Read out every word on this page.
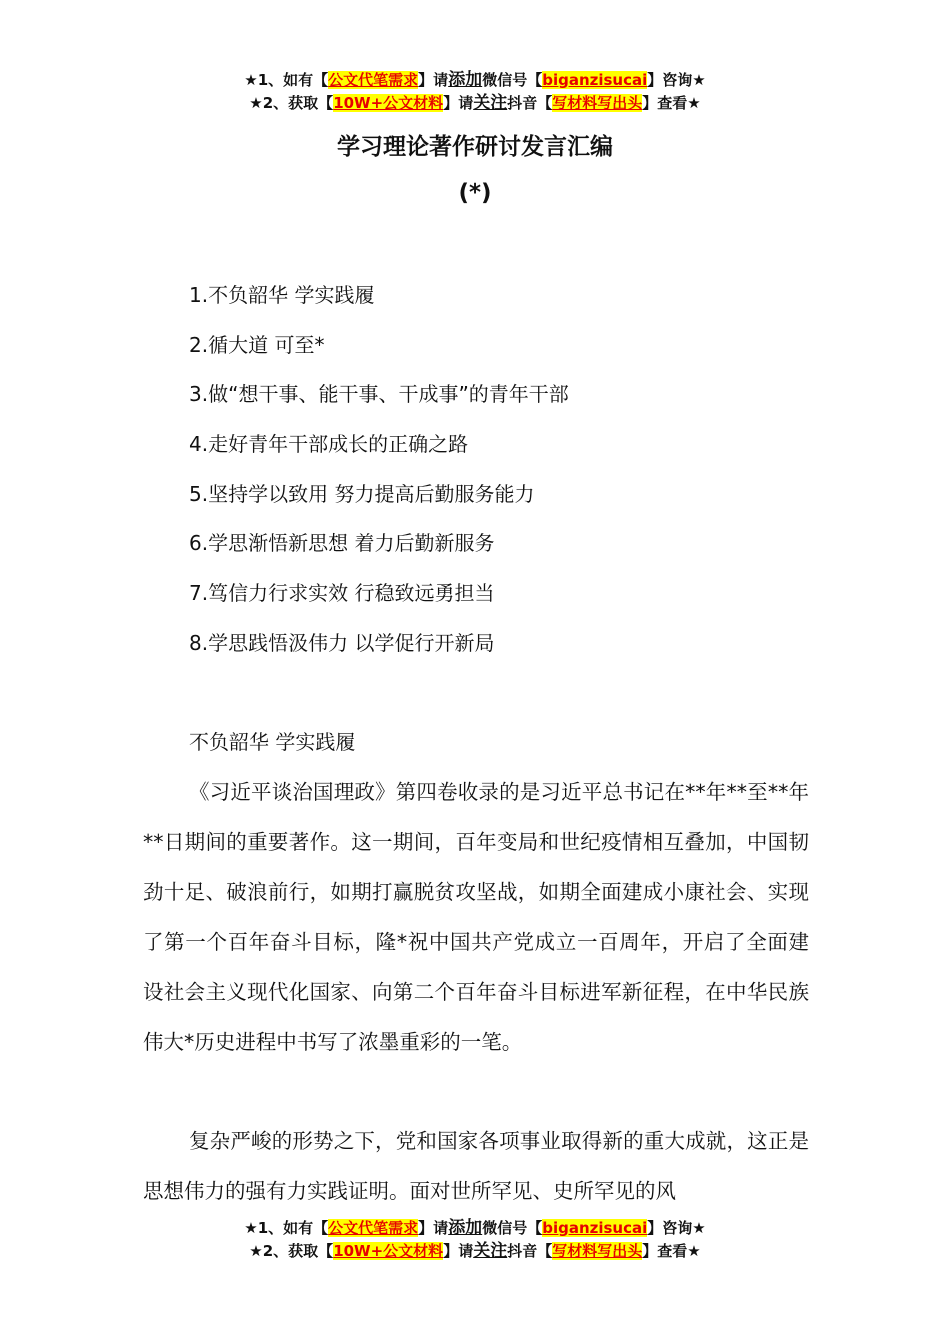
★1、如有【公文代笔需求】请添加微信号【biganzisucai】咨询★
★2、获取【10W+公文材料】请关注抖音【写材料写出头】查看★
学习理论著作研讨发言汇编
(*)
1.不负韶华 学实践履
2.循大道 可至*
3.做“想干事、能干事、干成事”的青年干部
4.走好青年干部成长的正确之路
5.坚持学以致用 努力提高后勤服务能力
6.学思渐悟新思想 着力后勤新服务
7.笃信力行求实效 行稳致远勇担当
8.学思践悟汲伟力 以学促行开新局
不负韶华 学实践履
《习近平谈治国理政》第四卷收录的是习近平总书记在**年**至**年**日期间的重要著作。这一期间，百年变局和世纪疫情相互叠加，中国韧劲十足、破浪前行，如期打赢脱贫攻坚战，如期全面建成小康社会、实现了第一个百年奋斗目标，隆*祝中国共产党成立一百周年，开启了全面建设社会主义现代化国家、向第二个百年奋斗目标进军新征程，在中华民族伟大*历史进程中书写了浓墨重彩的一笔。
复杂严峻的形势之下，党和国家各项事业取得新的重大成就，这正是思想伟力的强有力实践证明。面对世所罕见、史所罕见的风
★1、如有【公文代笔需求】请添加微信号【biganzisucai】咨询★
★2、获取【10W+公文材料】请关注抖音【写材料写出头】查看★
